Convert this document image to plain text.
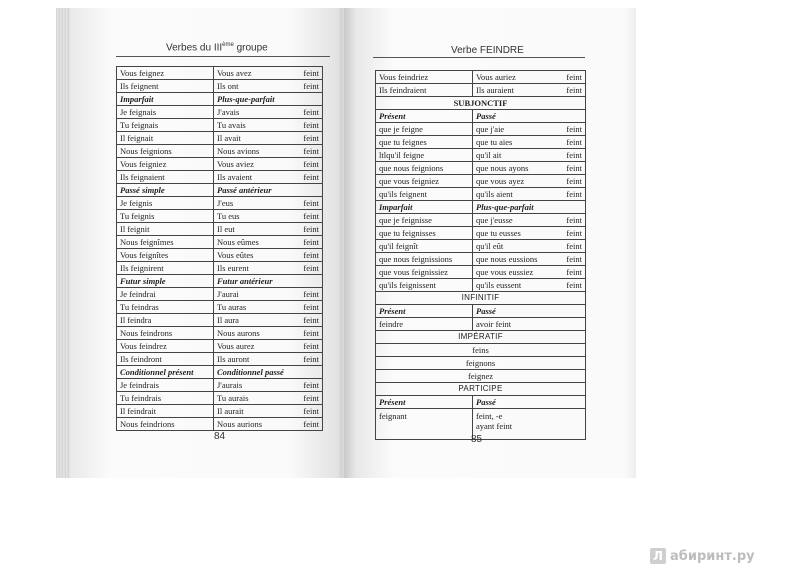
Verbes du IIIème groupe	Verbe FEINDRE
Vous feignez	Vous avez feint

Ils feignent	Ils ont feint

Imparfait	Plus-que-parfait
Je feignais	J'avais feint

Tu feignais	Tu avais feint

Il feignait	Il avait feint

Nous feignions	Nous avions feint

Vous feigniez	Vous aviez feint

Ils feignaient	Ils avaient feint

Passé simple	Passé antérieur
Je feignis	J'eus feint

Tu feignis	Tu eus feint

Il feignit	Il eut feint

Nous feignîmes	Nous eûmes feint

Vous feignîtes	Vous eûtes feint

Ils feignirent	Ils eurent feint

Futur simple	Futur antérieur
Je feindrai	J'aurai feint

Tu feindras	Tu auras feint

Il feindra	Il aura feint

Nous feindrons	Nous aurons feint

Vous feindrez	Vous aurez feint

Ils feindront	Ils auront feint

Conditionnel présent	Conditionnel passé
Je feindrais	J'aurais feint

Tu feindrais	Tu aurais feint

Il feindrait	Il aurait feint

Nous feindrions	Nous aurions feint
Vous feindriez	Vous auriez feint

Ils feindraient	Ils auraient feint

SUBJONCTIF	
Présent	Passé
que je feigne	que j'aie feint

que tu feignes	que tu aies feint

ltlqu'il feigne	qu'il ait feint

que nous feignions	que nous ayons feint

que vous feigniez	que vous ayez feint

qu'ils feignent	qu'ils aient feint

Imparfait	Plus-que-parfait
que je feignisse	que j'eusse feint

que tu feignisses	que tu eusses feint

qu'il feignît	qu'il eût feint

que nous feignissions	que nous eussions feint

que vous feignissiez	que vous eussiez feint

qu'ils feignissent	qu'ils eussent feint

INFINITIF	
Présent	Passé
feindre	avoir feint

IMPÉRATIF	
feins	
feignons	
feignez	
PARTICIPE	
Présent	Passé
feignant	feint, -e
ayant feint
84	85
Л абиринт.ру
